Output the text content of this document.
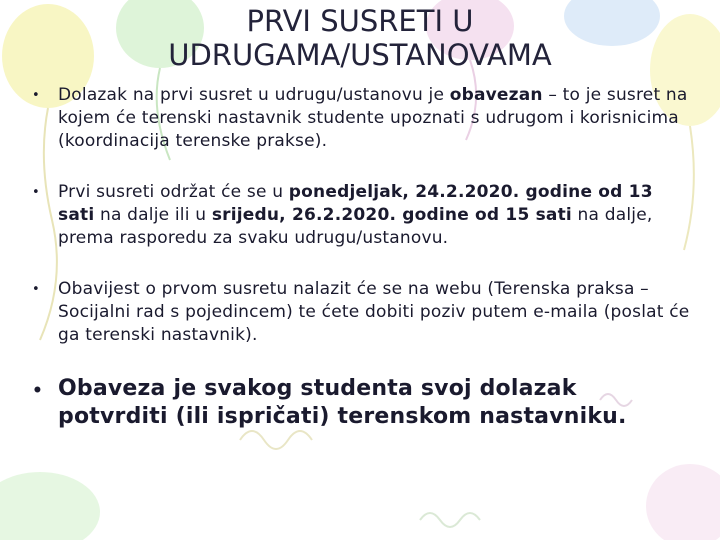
PRVI SUSRETI U
UDRUGAMA/USTANOVAMA
• Dolazak na prvi susret u udrugu/ustanovu je obavezan – to je susret na kojem će terenski nastavnik studente upoznati s udrugom i korisnicima (koordinacija terenske prakse).
• Prvi susreti održat će se u ponedjeljak, 24.2.2020. godine od 13 sati na dalje ili u srijedu, 26.2.2020. godine od 15 sati na dalje, prema rasporedu za svaku udrugu/ustanovu.
• Obavijest o prvom susretu nalazit će se na webu (Terenska praksa – Socijalni rad s pojedincem) te ćete dobiti poziv putem e-maila (poslat će ga terenski nastavnik).
• Obaveza je svakog studenta svoj dolazak potvrditi (ili ispričati) terenskom nastavniku.
